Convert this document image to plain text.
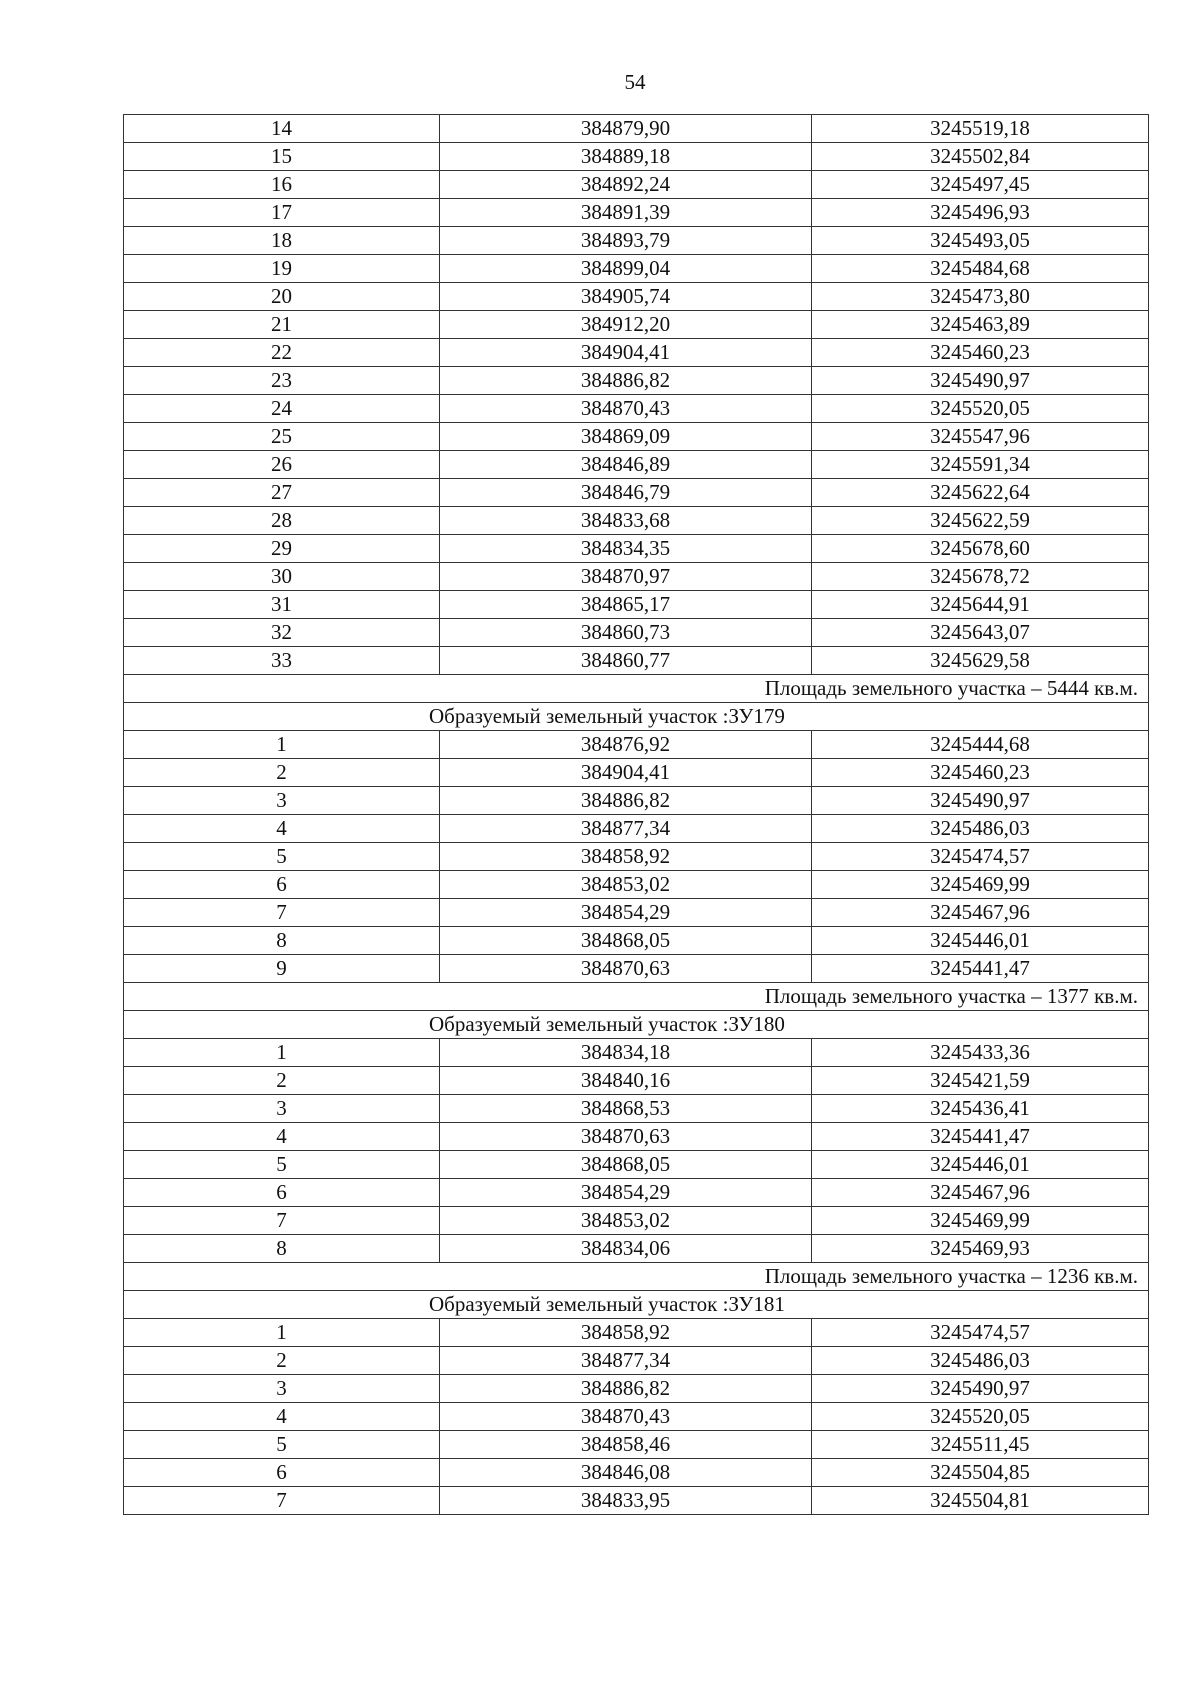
54
14	384879,90	3245519,18
15	384889,18	3245502,84
16	384892,24	3245497,45
17	384891,39	3245496,93
18	384893,79	3245493,05
19	384899,04	3245484,68
20	384905,74	3245473,80
21	384912,20	3245463,89
22	384904,41	3245460,23
23	384886,82	3245490,97
24	384870,43	3245520,05
25	384869,09	3245547,96
26	384846,89	3245591,34
27	384846,79	3245622,64
28	384833,68	3245622,59
29	384834,35	3245678,60
30	384870,97	3245678,72
31	384865,17	3245644,91
32	384860,73	3245643,07
33	384860,77	3245629,58
Площадь земельного участка – 5444 кв.м.		
Образуемый земельный участок :ЗУ179		
1	384876,92	3245444,68
2	384904,41	3245460,23
3	384886,82	3245490,97
4	384877,34	3245486,03
5	384858,92	3245474,57
6	384853,02	3245469,99
7	384854,29	3245467,96
8	384868,05	3245446,01
9	384870,63	3245441,47
Площадь земельного участка – 1377 кв.м.		
Образуемый земельный участок :ЗУ180		
1	384834,18	3245433,36
2	384840,16	3245421,59
3	384868,53	3245436,41
4	384870,63	3245441,47
5	384868,05	3245446,01
6	384854,29	3245467,96
7	384853,02	3245469,99
8	384834,06	3245469,93
Площадь земельного участка – 1236 кв.м.		
Образуемый земельный участок :ЗУ181		
1	384858,92	3245474,57
2	384877,34	3245486,03
3	384886,82	3245490,97
4	384870,43	3245520,05
5	384858,46	3245511,45
6	384846,08	3245504,85
7	384833,95	3245504,81
